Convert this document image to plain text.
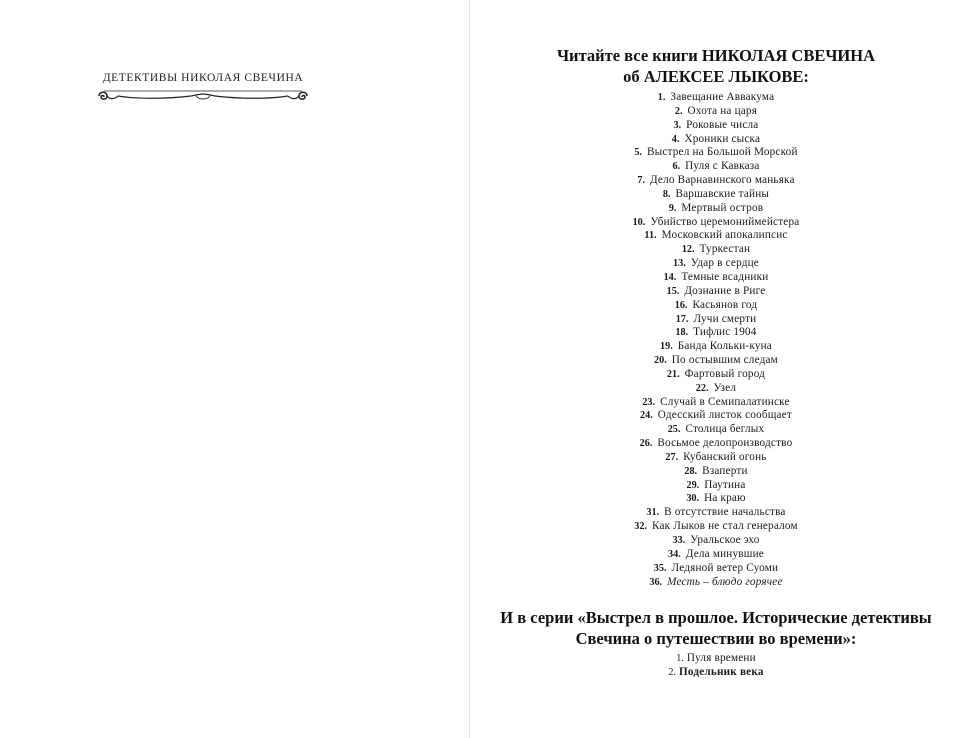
ДЕТЕКТИВЫ НИКОЛАЯ СВЕЧИНА
Читайте все книги НИКОЛАЯ СВЕЧИНА
об АЛЕКСЕЕ ЛЫКОВЕ:
1. Завещание Аввакума
2. Охота на царя
3. Роковые числа
4. Хроники сыска
5. Выстрел на Большой Морской
6. Пуля с Кавказа
7. Дело Варнавинского маньяка
8. Варшавские тайны
9. Мертвый остров
10. Убийство церемониймейстера
11. Московский апокалипсис
12. Туркестан
13. Удар в сердце
14. Темные всадники
15. Дознание в Риге
16. Касьянов год
17. Лучи смерти
18. Тифлис 1904
19. Банда Кольки-куна
20. По остывшим следам
21. Фартовый город
22. Узел
23. Случай в Семипалатинске
24. Одесский листок сообщает
25. Столица беглых
26. Восьмое делопроизводство
27. Кубанский огонь
28. Взаперти
29. Паутина
30. На краю
31. В отсутствие начальства
32. Как Лыков не стал генералом
33. Уральское эхо
34. Дела минувшие
35. Ледяной ветер Суоми
36. Месть – блюдо горячее
И в серии «Выстрел в прошлое. Исторические детективы
Свечина о путешествии во времени»:
1. Пуля времени
2. Подельник века
